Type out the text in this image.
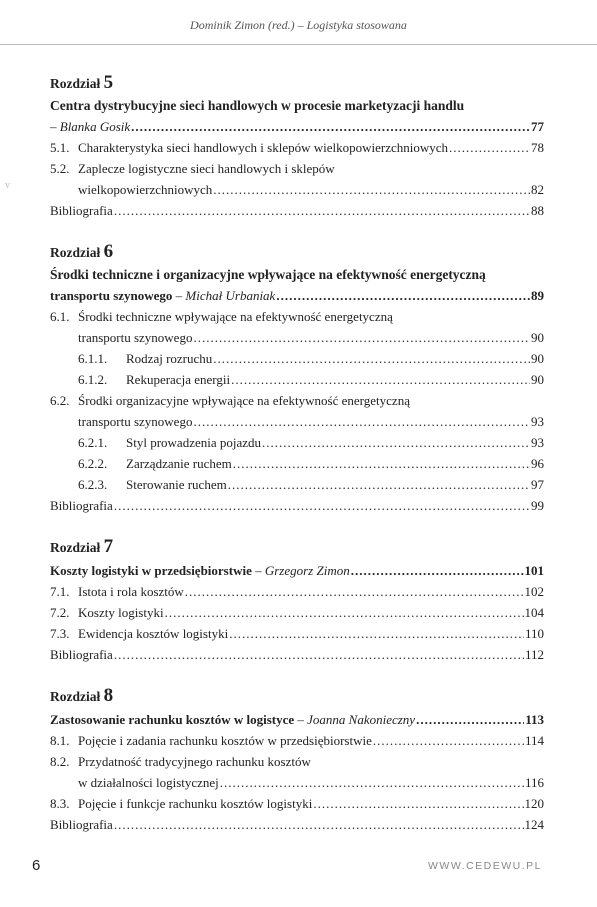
Dominik Zimon (red.) – Logistyka stosowana
v
Rozdział 5
Centra dystrybucyjne sieci handlowych w procesie marketyzacji handlu
– Blanka Gosik .....	77
5.1. Charakterystyka sieci handlowych i sklepów wielkopowierzchniowych .....	78
5.2. Zaplecze logistyczne sieci handlowych i sklepów
wielkopowierzchniowych .....	82
Bibliografia .....	88
Rozdział 6
Środki techniczne i organizacyjne wpływające na efektywność energetyczną
transportu szynowego – Michał Urbaniak .....	89
6.1. Środki techniczne wpływające na efektywność energetyczną
transportu szynowego .....	90
6.1.1. Rodzaj rozruchu .....	90
6.1.2. Rekuperacja energii .....	90
6.2. Środki organizacyjne wpływające na efektywność energetyczną
transportu szynowego .....	93
6.2.1. Styl prowadzenia pojazdu .....	93
6.2.2. Zarządzanie ruchem .....	96
6.2.3. Sterowanie ruchem .....	97
Bibliografia .....	99
Rozdział 7
Koszty logistyki w przedsiębiorstwie – Grzegorz Zimon .....	101
7.1. Istota i rola kosztów .....	102
7.2. Koszty logistyki .....	104
7.3. Ewidencja kosztów logistyki .....	110
Bibliografia .....	112
Rozdział 8
Zastosowanie rachunku kosztów w logistyce – Joanna Nakonieczny .....	113
8.1. Pojęcie i zadania rachunku kosztów w przedsiębiorstwie .....	114
8.2. Przydatność tradycyjnego rachunku kosztów
w działalności logistycznej .....	116
8.3. Pojęcie i funkcje rachunku kosztów logistyki .....	120
Bibliografia .....	124
6	WWW.CEDEWU.PL
